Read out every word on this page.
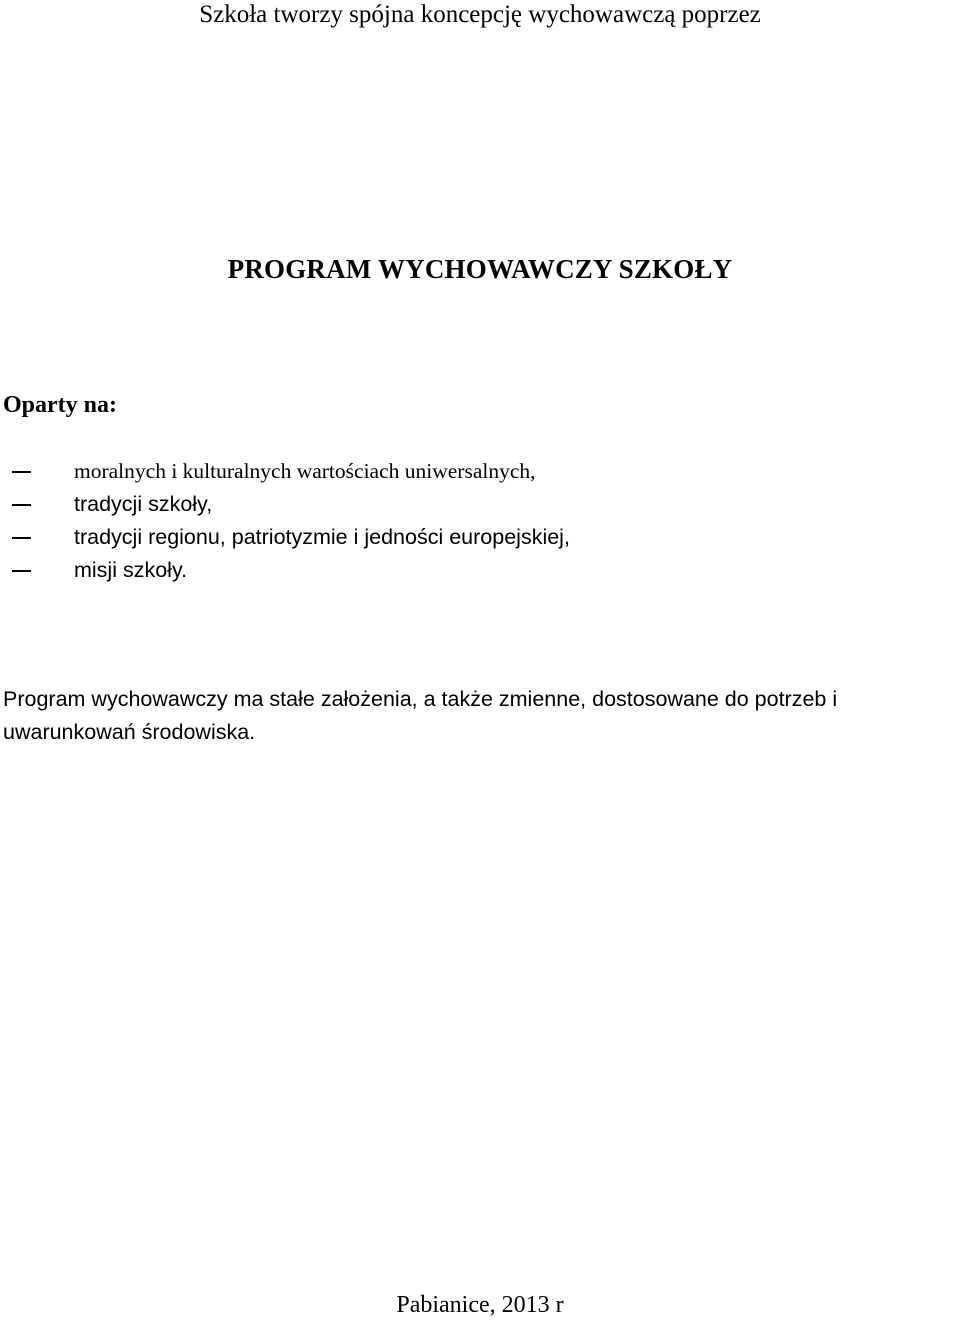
Szkoła tworzy spójna koncepcję wychowawczą poprzez

PROGRAM WYCHOWAWCZY SZKOŁY

Oparty na:

moralnych i kulturalnych wartościach uniwersalnych,
tradycji szkoły,
tradycji regionu, patriotyzmie i jedności europejskiej,
misji szkoły.

Program wychowawczy ma stałe założenia, a także zmienne, dostosowane do potrzeb i uwarunkowań środowiska.

Pabianice, 2013 r
